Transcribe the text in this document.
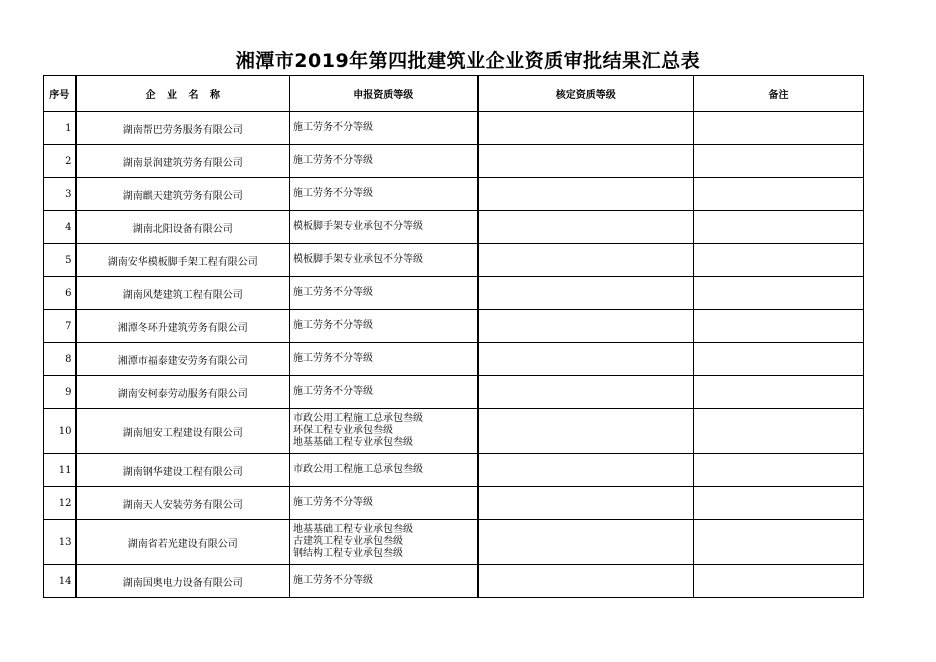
湘潭市2019年第四批建筑业企业资质审批结果汇总表
序号	企 业 名 称	申报资质等级	核定资质等级	备注
1	湖南帮巴劳务服务有限公司	施工劳务不分等级		
2	湖南景润建筑劳务有限公司	施工劳务不分等级		
3	湖南麒天建筑劳务有限公司	施工劳务不分等级		
4	湖南北阳设备有限公司	模板脚手架专业承包不分等级		
5	湖南安华模板脚手架工程有限公司	模板脚手架专业承包不分等级		
6	湖南风楚建筑工程有限公司	施工劳务不分等级		
7	湘潭冬环升建筑劳务有限公司	施工劳务不分等级		
8	湘潭市福泰建安劳务有限公司	施工劳务不分等级		
9	湖南安柯泰劳动服务有限公司	施工劳务不分等级		
10	湖南旭安工程建设有限公司	市政公用工程施工总承包叁级
环保工程专业承包叁级
地基基础工程专业承包叁级		
11	湖南钢华建设工程有限公司	市政公用工程施工总承包叁级		
12	湖南天人安装劳务有限公司	施工劳务不分等级		
13	湖南省若光建设有限公司	地基基础工程专业承包叁级
古建筑工程专业承包叁级
钢结构工程专业承包叁级		
14	湖南国奥电力设备有限公司	施工劳务不分等级		
